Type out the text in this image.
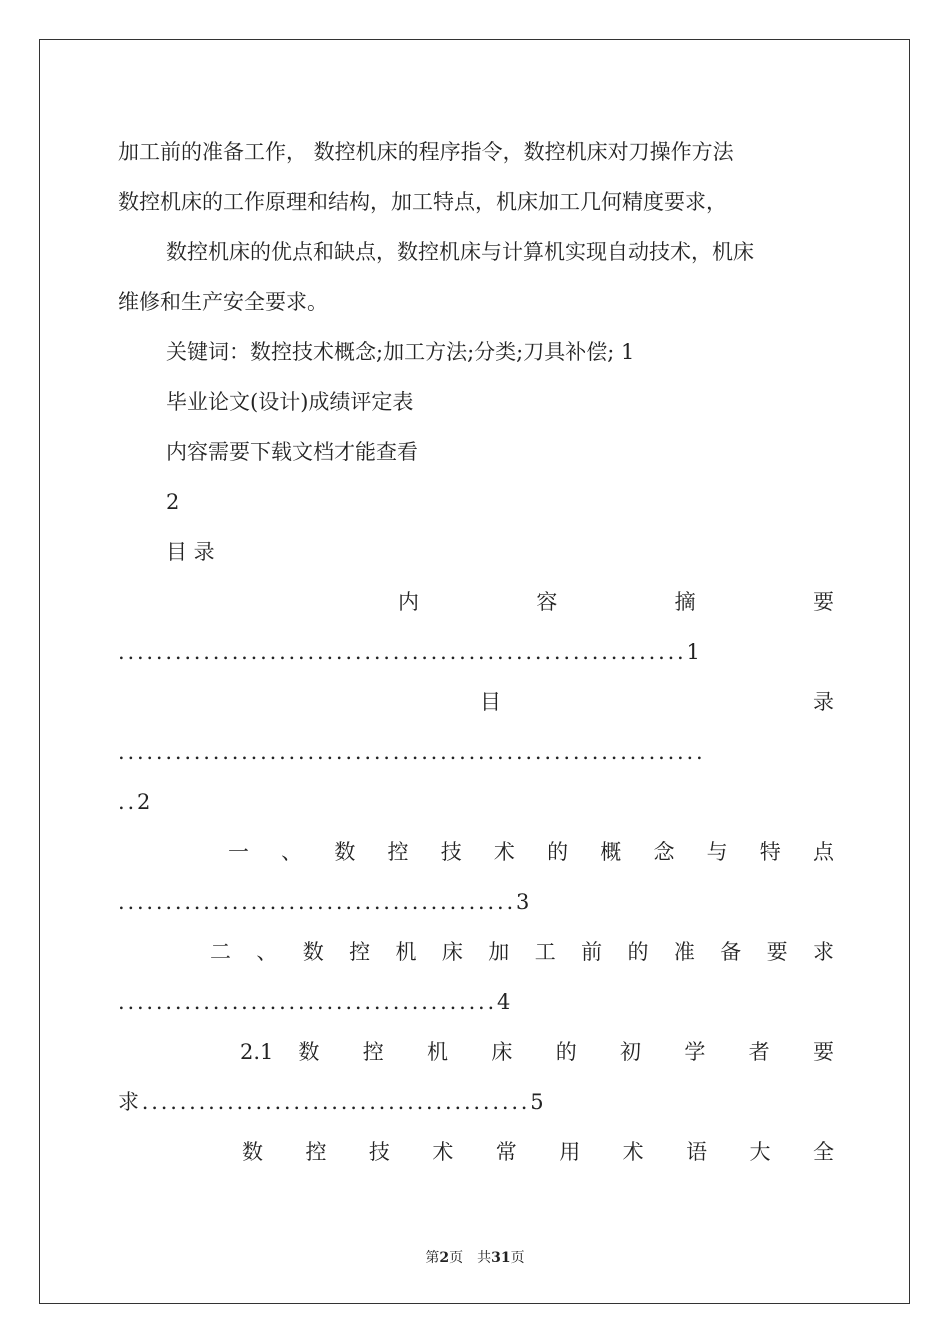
加工前的准备工作， 数控机床的程序指令，数控机床对刀操作方法
数控机床的工作原理和结构，加工特点，机床加工几何精度要求，
数控机床的优点和缺点，数控机床与计算机实现自动技术，机床
维修和生产安全要求。
关键词：数控技术概念;加工方法;分类;刀具补偿; 1
毕业论文(设计)成绩评定表
内容需要下载文档才能查看
2
目 录
内 容 摘 要
............................................................1
目 录
..............................................................
..2
一 、 数 控 技 术 的 概 念 与 特 点
..........................................3
二 、 数 控 机 床 加 工 前 的 准 备 要 求
........................................4
2.1 数 控 机 床 的 初 学 者 要
求.........................................5
数 控 技 术 常 用 术 语 大 全
第2页　共31页
